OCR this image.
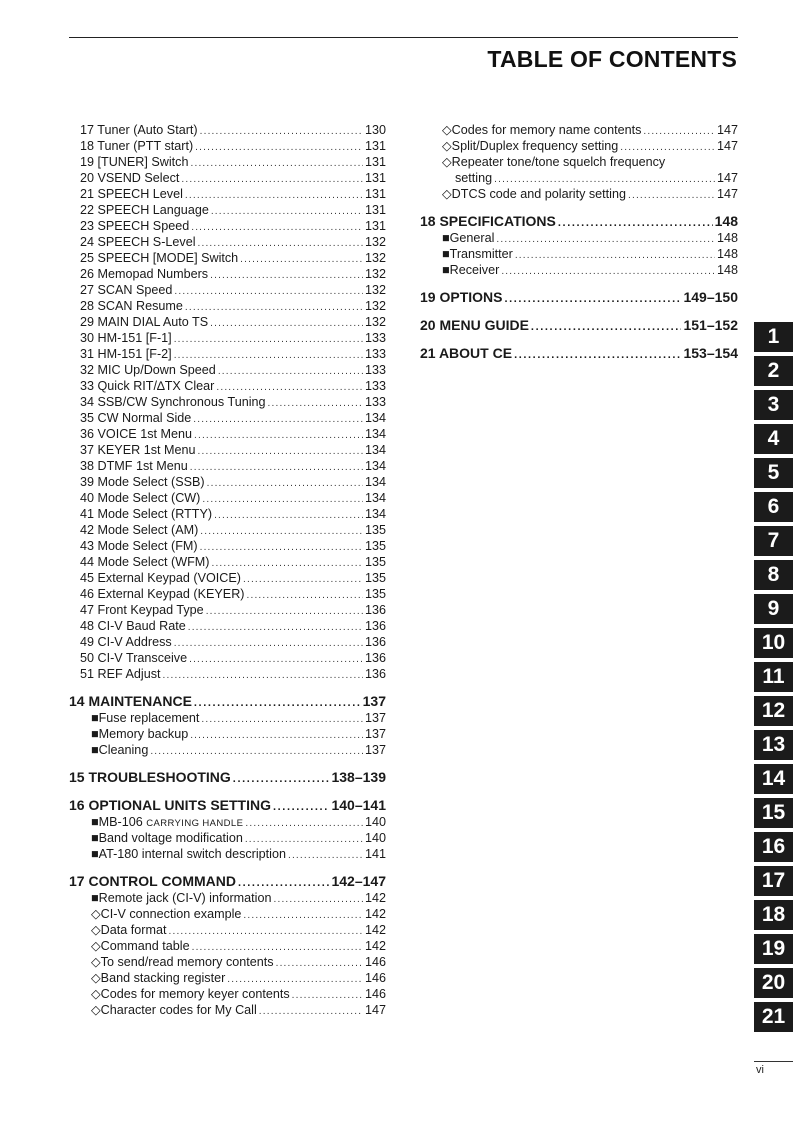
TABLE OF CONTENTS
17 Tuner (Auto Start) .....	130
18 Tuner (PTT start) .....	131
19 [TUNER] Switch .....	131
20 VSEND Select .....	131
21 SPEECH Level .....	131
22 SPEECH Language .....	131
23 SPEECH Speed .....	131
24 SPEECH S-Level .....	132
25 SPEECH [MODE] Switch .....	132
26 Memopad Numbers .....	132
27 SCAN Speed .....	132
28 SCAN Resume .....	132
29 MAIN DIAL Auto TS .....	132
30 HM-151 [F-1] .....	133
31 HM-151 [F-2] .....	133
32 MIC Up/Down Speed .....	133
33 Quick RIT/∆TX Clear .....	133
34 SSB/CW Synchronous Tuning .....	133
35 CW Normal Side .....	134
36 VOICE 1st Menu .....	134
37 KEYER 1st Menu .....	134
38 DTMF 1st Menu .....	134
39 Mode Select (SSB) .....	134
40 Mode Select (CW) .....	134
41 Mode Select (RTTY) .....	134
42 Mode Select (AM) .....	135
43 Mode Select (FM) .....	135
44 Mode Select (WFM) .....	135
45 External Keypad (VOICE) .....	135
46 External Keypad (KEYER) .....	135
47 Front Keypad Type .....	136
48 CI-V Baud Rate .....	136
49 CI-V Address .....	136
50 CI-V Transceive .....	136
51 REF Adjust .....	136
14 MAINTENANCE .....	137
■Fuse replacement .....	137
■Memory backup .....	137
■Cleaning .....	137
15 TROUBLESHOOTING .....	138–139
16 OPTIONAL UNITS SETTING .....	140–141
■MB-106 CARRYING HANDLE .....	140
■Band voltage modification .....	140
■AT-180 internal switch description .....	141
17 CONTROL COMMAND .....	142–147
■Remote jack (CI-V) information .....	142
◇CI-V connection example .....	142
◇Data format .....	142
◇Command table .....	142
◇To send/read memory contents .....	146
◇Band stacking register .....	146
◇Codes for memory keyer contents .....	146
◇Character codes for My Call .....	147
◇Codes for memory name contents .....	147
◇Split/Duplex frequency setting .....	147
◇Repeater tone/tone squelch frequency
setting .....	147
◇DTCS code and polarity setting .....	147
18 SPECIFICATIONS .....	148
■General .....	148
■Transmitter .....	148
■Receiver .....	148
19 OPTIONS .....	149–150
20 MENU GUIDE .....	151–152
21 ABOUT CE .....	153–154
1
2
3
4
5
6
7
8
9
10
11
12
13
14
15
16
17
18
19
20
21
vi
